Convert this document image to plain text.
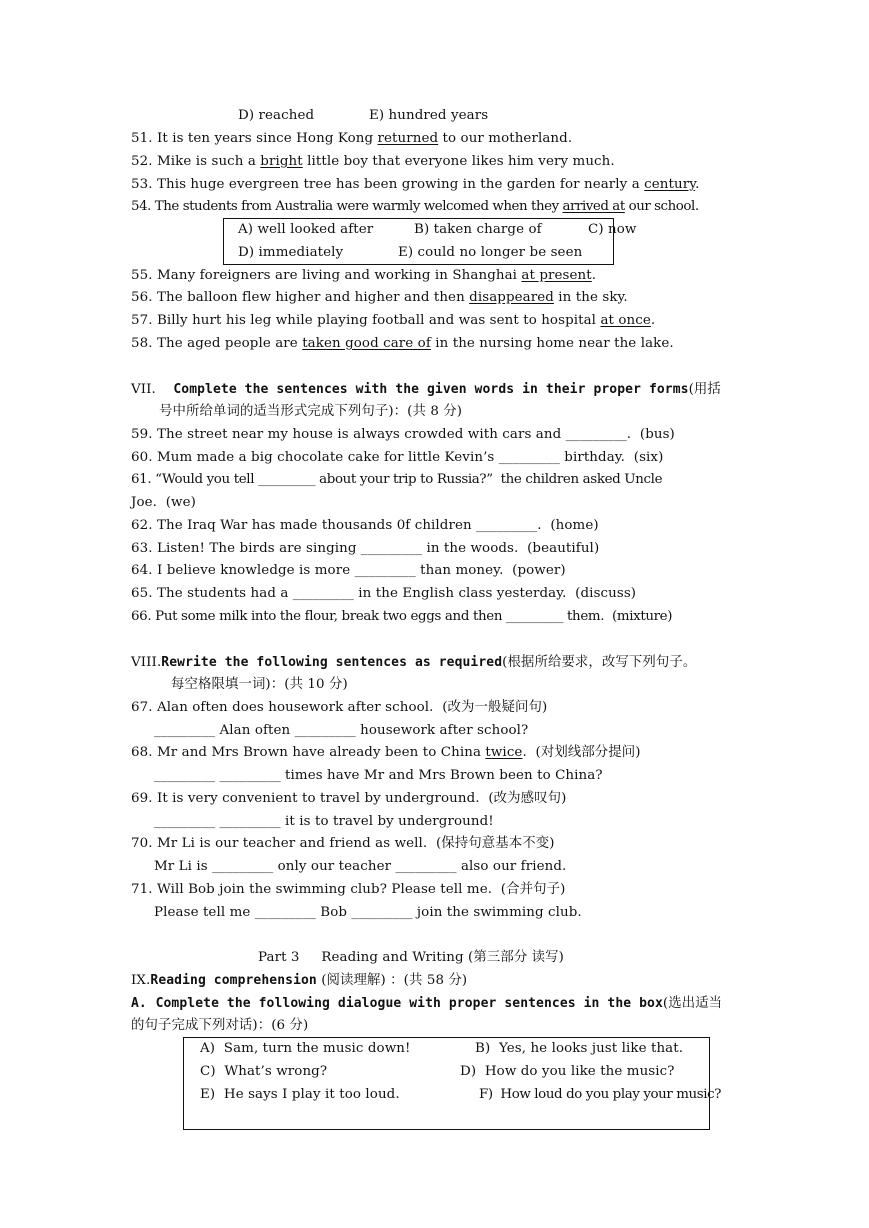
D) reached	E) hundred years
51. It is ten years since Hong Kong returned to our motherland.
52. Mike is such a bright little boy that everyone likes him very much.
53. This huge evergreen tree has been growing in the garden for nearly a century.
54. The students from Australia were warmly welcomed when they arrived at our school.
A) well looked after	B) taken charge of	C) now
D) immediately	E) could no longer be seen
55. Many foreigners are living and working in Shanghai at present.
56. The balloon flew higher and higher and then disappeared in the sky.
57. Billy hurt his leg while playing football and was sent to hospital at once.
58. The aged people are taken good care of in the nursing home near the lake.
VII. Complete the sentences with the given words in their proper forms(用括
号中所给单词的适当形式完成下列句子)：(共 8 分)
59. The street near my house is always crowded with cars and _________.  (bus)
60. Mum made a big chocolate cake for little Kevin’s _________ birthday.  (six)
61. “Would you tell _________ about your trip to Russia?”  the children asked Uncle
Joe.  (we)
62. The Iraq War has made thousands 0f children _________.  (home)
63. Listen! The birds are singing _________ in the woods.  (beautiful)
64. I believe knowledge is more _________ than money.  (power)
65. The students had a _________ in the English class yesterday.  (discuss)
66. Put some milk into the flour, break two eggs and then _________ them.  (mixture)
VIII.Rewrite the following sentences as required(根据所给要求，改写下列句子。
每空格限填一词)：(共 10 分)
67. Alan often does housework after school.  (改为一般疑问句)
_________ Alan often _________ housework after school?
68. Mr and Mrs Brown have already been to China twice.  (对划线部分提问)
_________ _________ times have Mr and Mrs Brown been to China?
69. It is very convenient to travel by underground.  (改为感叹句)
_________ _________ it is to travel by underground!
70. Mr Li is our teacher and friend as well.  (保持句意基本不变)
Mr Li is _________ only our teacher _________ also our friend.
71. Will Bob join the swimming club? Please tell me.  (合并句子)
Please tell me _________ Bob _________ join the swimming club.
Part 3     Reading and Writing (第三部分 读写)
IX.Reading comprehension (阅读理解) ：(共 58 分)
A. Complete the following dialogue with proper sentences in the box(选出适当
的句子完成下列对话)：(6 分)
A)  Sam, turn the music down!	B)  Yes, he looks just like that.
C)  What’s wrong?	D)  How do you like the music?
E)  He says I play it too loud.	F)  How loud do you play your music?
